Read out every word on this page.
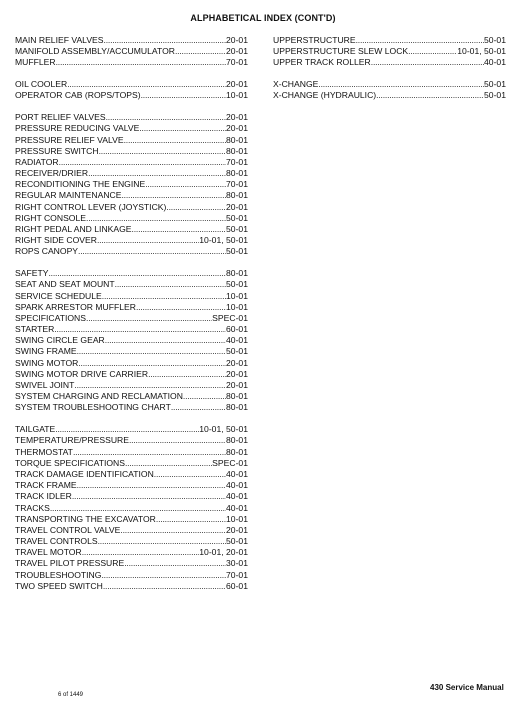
ALPHABETICAL INDEX (CONT'D)
MAIN RELIEF VALVES .....	20-01
MANIFOLD ASSEMBLY/ACCUMULATOR .....	20-01
MUFFLER .....	70-01
OIL COOLER .....	20-01
OPERATOR CAB (ROPS/TOPS) .....	10-01
PORT RELIEF VALVES .....	20-01
PRESSURE REDUCING VALVE .....	20-01
PRESSURE RELIEF VALVE .....	80-01
PRESSURE SWITCH .....	80-01
RADIATOR .....	70-01
RECEIVER/DRIER .....	80-01
RECONDITIONING THE ENGINE .....	70-01
REGULAR MAINTENANCE .....	80-01
RIGHT CONTROL LEVER (JOYSTICK) .....	20-01
RIGHT CONSOLE .....	50-01
RIGHT PEDAL AND LINKAGE .....	50-01
RIGHT SIDE COVER .....	10-01, 50-01
ROPS CANOPY .....	50-01
SAFETY .....	80-01
SEAT AND SEAT MOUNT .....	50-01
SERVICE SCHEDULE .....	10-01
SPARK ARRESTOR MUFFLER .....	10-01
SPECIFICATIONS .....	SPEC-01
STARTER .....	60-01
SWING CIRCLE GEAR .....	40-01
SWING FRAME .....	50-01
SWING MOTOR .....	20-01
SWING MOTOR DRIVE CARRIER .....	20-01
SWIVEL JOINT .....	20-01
SYSTEM CHARGING AND RECLAMATION .....	80-01
SYSTEM TROUBLESHOOTING CHART .....	80-01
TAILGATE .....	10-01, 50-01
TEMPERATURE/PRESSURE .....	80-01
THERMOSTAT .....	80-01
TORQUE SPECIFICATIONS .....	SPEC-01
TRACK DAMAGE IDENTIFICATION .....	40-01
TRACK FRAME .....	40-01
TRACK IDLER .....	40-01
TRACKS .....	40-01
TRANSPORTING THE EXCAVATOR .....	10-01
TRAVEL CONTROL VALVE .....	20-01
TRAVEL CONTROLS .....	50-01
TRAVEL MOTOR .....	10-01, 20-01
TRAVEL PILOT PRESSURE .....	30-01
TROUBLESHOOTING .....	70-01
TWO SPEED SWITCH .....	60-01
UPPERSTRUCTURE .....	50-01
UPPERSTRUCTURE SLEW LOCK .....	10-01, 50-01
UPPER TRACK ROLLER .....	40-01
X-CHANGE .....	50-01
X-CHANGE (HYDRAULIC) .....	50-01
6 of 1449
430 Service Manual
